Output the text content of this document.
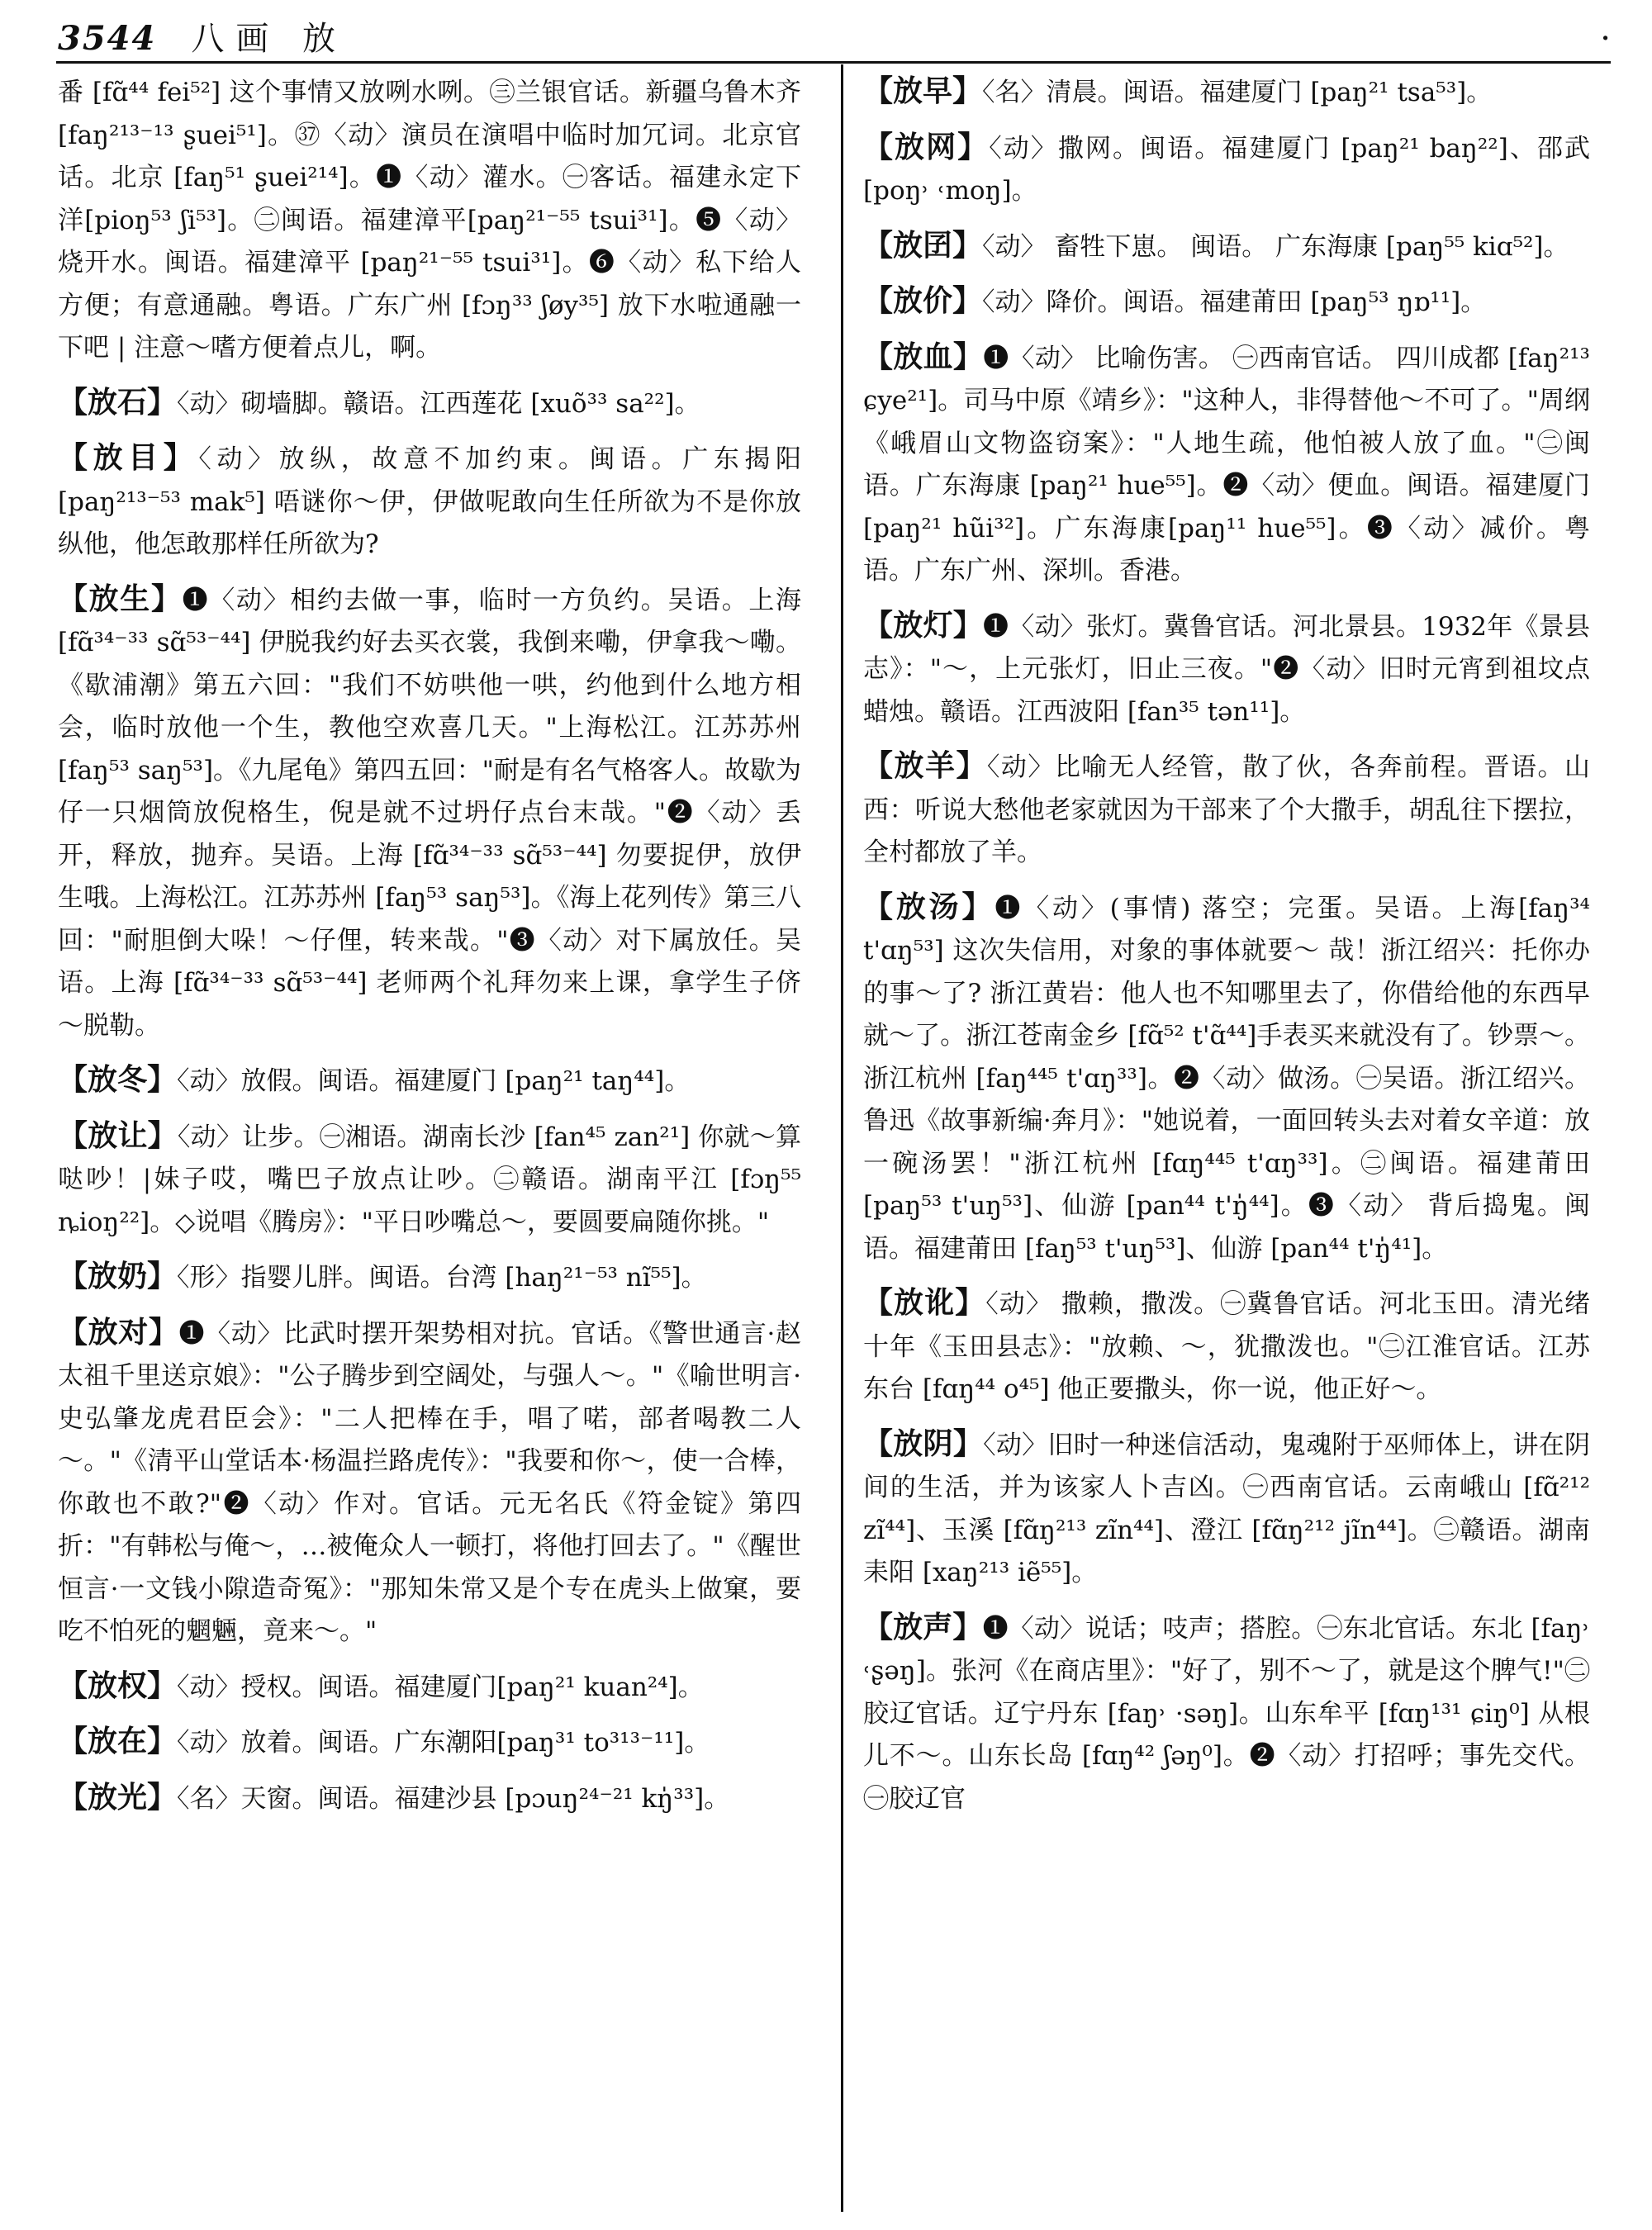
3544 八画 放	·

番 [fɑ̃⁴⁴ fei⁵²] 这个事情又放咧水咧。㊂兰银官话。新疆乌鲁木齐 [faŋ²¹³⁻¹³ ʂuei⁵¹]。㊲〈动〉演员在演唱中临时加冗词。北京官话。北京 [faŋ⁵¹ ʂuei²¹⁴]。❶〈动〉灌水。㊀客话。福建永定下洋[pioŋ⁵³ ʃi⁵³]。㊁闽语。福建漳平[paŋ²¹⁻⁵⁵ tsui³¹]。❺〈动〉烧开水。闽语。福建漳平 [paŋ²¹⁻⁵⁵ tsui³¹]。❻〈动〉私下给人方便；有意通融。粤语。广东广州 [fɔŋ³³ ʃøy³⁵] 放下水啦通融一下吧 | 注意～嗜方便着点儿，啊。

【放石】〈动〉砌墙脚。赣语。江西莲花 [xuõ³³ sa²²]。

【放目】〈动〉放纵，故意不加约束。闽语。广东揭阳 [paŋ²¹³⁻⁵³ mak⁵] 唔谜你～伊，伊做呢敢向生任所欲为不是你放纵他，他怎敢那样任所欲为?

【放生】❶〈动〉相约去做一事，临时一方负约。吴语。上海 [fɑ̃³⁴⁻³³ sɑ̃⁵³⁻⁴⁴] 伊脱我约好去买衣裳，我倒来嘞，伊拿我～嘞。《歇浦潮》第五六回："我们不妨哄他一哄，约他到什么地方相会，临时放他一个生，教他空欢喜几天。"上海松江。江苏苏州[faŋ⁵³ saŋ⁵³]。《九尾龟》第四五回："耐是有名气格客人。故歇为仔一只烟筒放倪格生，倪是就不过坍仔点台末哉。"❷〈动〉丢开，释放，抛弃。吴语。上海 [fɑ̃³⁴⁻³³ sɑ̃⁵³⁻⁴⁴] 勿要捉伊，放伊生哦。上海松江。江苏苏州 [faŋ⁵³ saŋ⁵³]。《海上花列传》第三八回："耐胆倒大哚！～仔俚，转来哉。"❸〈动〉对下属放任。吴语。上海 [fɑ̃³⁴⁻³³ sɑ̃⁵³⁻⁴⁴] 老师两个礼拜勿来上课，拿学生子侪～脱勒。

【放冬】〈动〉放假。闽语。福建厦门 [paŋ²¹ taŋ⁴⁴]。

【放让】〈动〉让步。㊀湘语。湖南长沙 [fan⁴⁵ zan²¹] 你就～算哒吵！|妹子哎，嘴巴子放点让吵。㊁赣语。湖南平江 [fɔŋ⁵⁵ ȵioŋ²²]。◇说唱《腾房》："平日吵嘴总～，要圆要扁随你挑。"

【放奶】〈形〉指婴儿胖。闽语。台湾 [haŋ²¹⁻⁵³ nĩ⁵⁵]。

【放对】❶〈动〉比武时摆开架势相对抗。官话。《警世通言·赵太祖千里送京娘》："公子腾步到空阔处，与强人～。"《喻世明言·史弘肇龙虎君臣会》："二人把棒在手，唱了喏，部者喝教二人～。"《清平山堂话本·杨温拦路虎传》："我要和你～，使一合棒，你敢也不敢?"❷〈动〉作对。官话。元无名氏《符金锭》第四折："有韩松与俺～，…被俺众人一顿打，将他打回去了。"《醒世恒言·一文钱小隙造奇冤》："那知朱常又是个专在虎头上做窠，要吃不怕死的魍魎，竟来～。"

【放权】〈动〉授权。闽语。福建厦门[paŋ²¹ kuan²⁴]。

【放在】〈动〉放着。闽语。广东潮阳[paŋ³¹ to³¹³⁻¹¹]。

【放光】〈名〉天窗。闽语。福建沙县 [pɔuŋ²⁴⁻²¹ kŋ̍³³]。

【放早】〈名〉清晨。闽语。福建厦门 [paŋ²¹ tsa⁵³]。

【放网】〈动〉撒网。闽语。福建厦门 [paŋ²¹ baŋ²²]、邵武 [poŋ˒ ˓moŋ]。

【放囝】〈动〉 畜牲下崽。 闽语。 广东海康 [paŋ⁵⁵ kiɑ⁵²]。

【放价】〈动〉降价。闽语。福建莆田 [paŋ⁵³ ŋɒ¹¹]。

【放血】❶〈动〉 比喻伤害。 ㊀西南官话。 四川成都 [faŋ²¹³ ɕye²¹]。司马中原《靖乡》："这种人，非得替他～不可了。"周纲《峨眉山文物盗窃案》："人地生疏，他怕被人放了血。"㊁闽语。广东海康 [paŋ²¹ hue⁵⁵]。❷〈动〉便血。闽语。福建厦门 [paŋ²¹ hũi³²]。广东海康[paŋ¹¹ hue⁵⁵]。❸〈动〉减价。粤语。广东广州、深圳。香港。

【放灯】❶〈动〉张灯。冀鲁官话。河北景县。1932年《景县志》："～，上元张灯，旧止三夜。"❷〈动〉旧时元宵到祖坟点蜡烛。赣语。江西波阳 [fan³⁵ tən¹¹]。

【放羊】〈动〉比喻无人经管，散了伙，各奔前程。晋语。山西：听说大愁他老家就因为干部来了个大撒手，胡乱往下摆拉，全村都放了羊。

【放汤】❶〈动〉(事情) 落空；完蛋。吴语。上海[faŋ³⁴ t'ɑŋ⁵³] 这次失信用，对象的事体就要～ 哉！浙江绍兴：托你办的事～了? 浙江黄岩：他人也不知哪里去了，你借给他的东西早就～了。浙江苍南金乡 [fɑ̃⁵² t'ɑ̃⁴⁴]手表买来就没有了。钞票～。浙江杭州 [faŋ⁴⁴⁵ t'ɑŋ³³]。❷〈动〉做汤。㊀吴语。浙江绍兴。鲁迅《故事新编·奔月》："她说着，一面回转头去对着女辛道：放一碗汤罢！"浙江杭州 [fɑŋ⁴⁴⁵ t'ɑŋ³³]。㊁闽语。福建莆田 [paŋ⁵³ t'uŋ⁵³]、仙游 [pan⁴⁴ t'ŋ̍⁴⁴]。❸〈动〉 背后捣鬼。闽语。福建莆田 [faŋ⁵³ t'uŋ⁵³]、仙游 [pan⁴⁴ t'ŋ̍⁴¹]。

【放讹】〈动〉 撒赖，撒泼。㊀冀鲁官话。河北玉田。清光绪十年《玉田县志》："放赖、～，犹撒泼也。"㊁江淮官话。江苏东台 [fɑŋ⁴⁴ o⁴⁵] 他正要撒头，你一说，他正好～。

【放阴】〈动〉旧时一种迷信活动，鬼魂附于巫师体上，讲在阴间的生活，并为该家人卜吉凶。㊀西南官话。云南峨山 [fɑ̃²¹² zĩ⁴⁴]、玉溪 [fɑ̃ŋ²¹³ zĩn⁴⁴]、澄江 [fɑ̃ŋ²¹² jĩn⁴⁴]。㊁赣语。湖南耒阳 [xaŋ²¹³ iẽ⁵⁵]。

【放声】❶〈动〉说话；吱声；搭腔。㊀东北官话。东北 [faŋ˒ ˓ʂəŋ]。张河《在商店里》："好了，别不～了，就是这个脾气!"㊁胶辽官话。辽宁丹东 [faŋ˒ ·səŋ]。山东牟平 [fɑŋ¹³¹ ɕiŋ⁰] 从根儿不～。山东长岛 [fɑŋ⁴² ʃəŋ⁰]。❷〈动〉打招呼；事先交代。㊀胶辽官
